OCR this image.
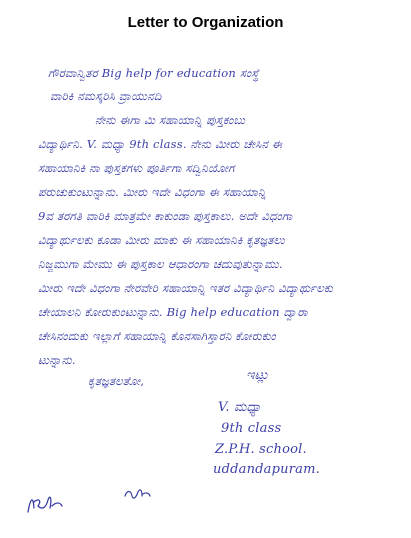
Letter to Organization
ಗೌರವಾನ್ವಿತರ Big help for education ಸಂಸ್ಥೆ
ವಾರಿಕಿ ನಮಸ್ಕರಿಸಿ ವ್ರಾಯುನದಿ
ನೇನು ಈಗಾ ಮಿ ಸಹಾಯಾನ್ನಿ ಪುಸ್ತಕಂಬು
ವಿದ್ಯಾರ್ಥಿನಿ. V. ಮಧ್ಯಾ 9th class. ನೇನು ಮೀರು ಚೇಸಿನ ಈ
ಸಹಾಯಾನಿಕಿ ನಾ ಪುಸ್ತಕಗಳು ಪೂರ್ತಿಗಾ ಸದ್ವಿನಿಯೋಗ
ಪರುಚುಕುಂಟುನ್ನಾನು. ಮೀರು ಇದೇ ವಿಧಂಗಾ ಈ ಸಹಾಯಾನ್ನಿ
9ವ ತರಗತಿ ವಾರಿಕಿ ಮಾತ್ರಮೇ ಕಾಕುಂಡಾ ಪುಸ್ತಕಾಲು. ಅದೇ ವಿಧಂಗಾ
ವಿದ್ಯಾರ್ಥುಲಕು ಕೂಡಾ ಮೀರು ಮಾಕು ಈ ಸಹಾಯಾನಿಕಿ ಕೃತಜ್ಞತಲು
ನಿಜ್ಜಮುಗಾ ಮೇಮು ಈ ಪುಸ್ತಕಾಲ ಆಧಾರಂಗಾ ಚದುವುತುನ್ನಾಮು.
ಮೀರು ಇದೇ ವಿಧಂಗಾ ನೇರವೇರಿ ಸಹಾಯಾನ್ನಿ ಇತರ ವಿದ್ಯಾರ್ಥಿನಿ ವಿದ್ಯಾರ್ಥುಲಕು
ಚೇಯಾಲನಿ ಕೋರುಕುಂಟುನ್ನಾನು. Big help education ದ್ವಾರಾ
ಚೇಸಿನಂದುಕು ಇಲ್ಲಾಗೆ ಸಹಾಯಾನ್ನಿ ಕೊನಸಾಗಿಸ್ತಾರನಿ ಕೋರುಕುಂ
ಟುನ್ನಾನು.
ಕೃತಜ್ಞತಲತೋ,	ಇಟ್ಲು
V. ಮಧ್ಯಾ
9th class
Z.P.H. school.
uddandapuram.
